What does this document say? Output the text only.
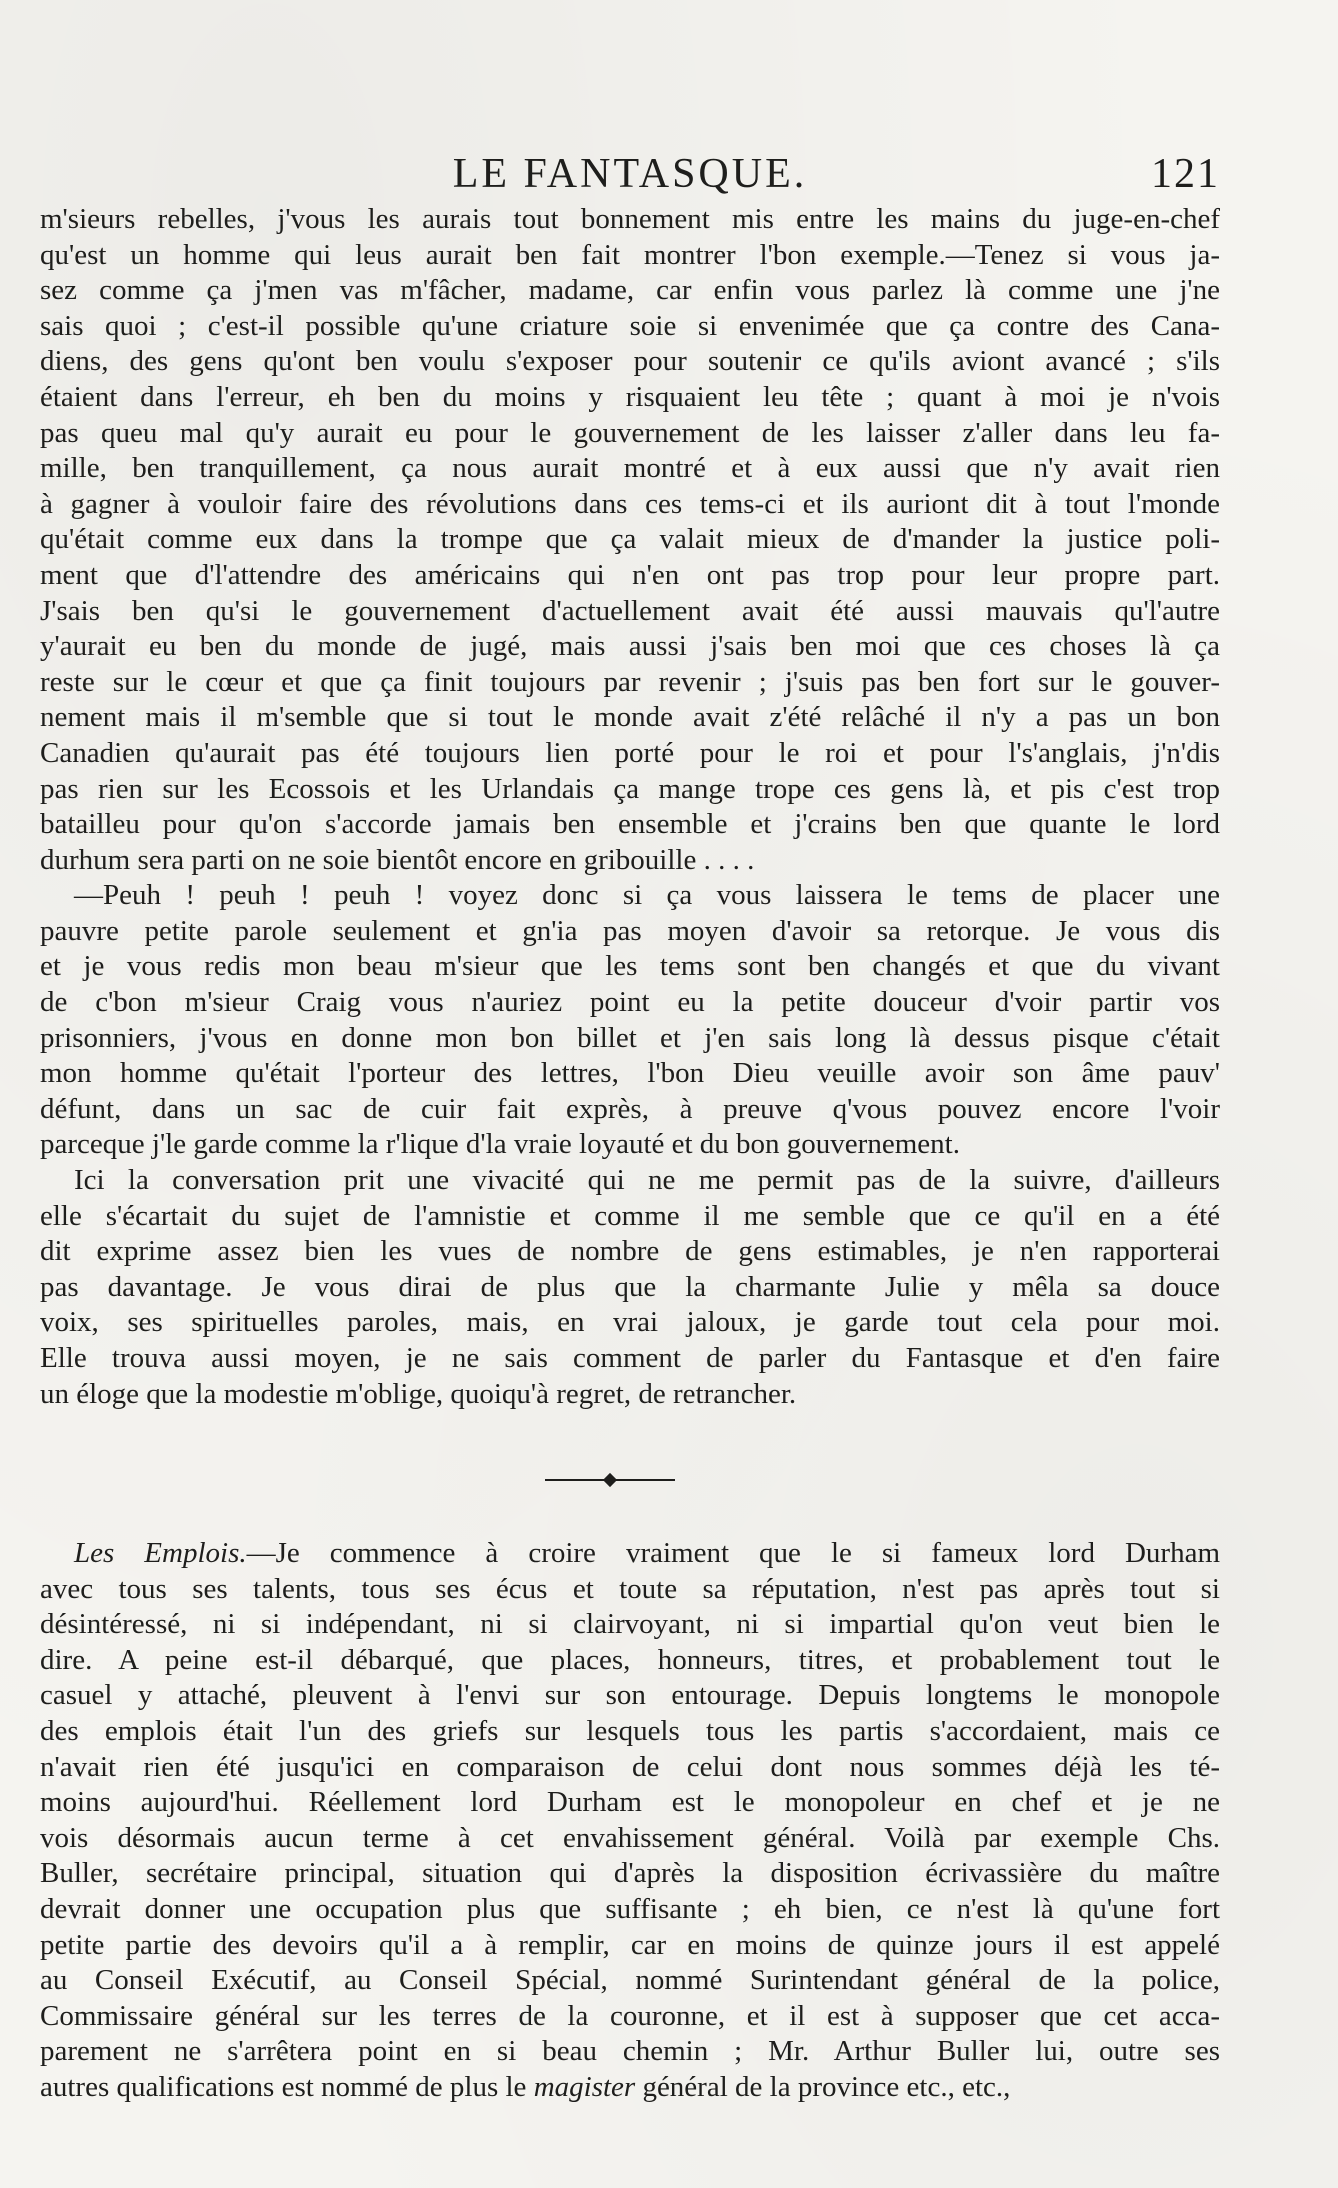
LE FANTASQUE.	121
m'sieurs rebelles, j'vous les aurais tout bonnement mis entre les mains du juge-en-chef
qu'est un homme qui leus aurait ben fait montrer l'bon exemple.—Tenez si vous ja-
sez comme ça j'men vas m'fâcher, madame, car enfin vous parlez là comme une j'ne
sais quoi ; c'est-il possible qu'une criature soie si envenimée que ça contre des Cana-
diens, des gens qu'ont ben voulu s'exposer pour soutenir ce qu'ils aviont avancé ; s'ils
étaient dans l'erreur, eh ben du moins y risquaient leu tête ; quant à moi je n'vois
pas queu mal qu'y aurait eu pour le gouvernement de les laisser z'aller dans leu fa-
mille, ben tranquillement, ça nous aurait montré et à eux aussi que n'y avait rien
à gagner à vouloir faire des révolutions dans ces tems-ci et ils auriont dit à tout l'monde
qu'était comme eux dans la trompe que ça valait mieux de d'mander la justice poli-
ment que d'l'attendre des américains qui n'en ont pas trop pour leur propre part.
J'sais ben qu'si le gouvernement d'actuellement avait été aussi mauvais qu'l'autre
y'aurait eu ben du monde de jugé, mais aussi j'sais ben moi que ces choses là ça
reste sur le cœur et que ça finit toujours par revenir ; j'suis pas ben fort sur le gouver-
nement mais il m'semble que si tout le monde avait z'été relâché il n'y a pas un bon
Canadien qu'aurait pas été toujours lien porté pour le roi et pour l's'anglais, j'n'dis
pas rien sur les Ecossois et les Urlandais ça mange trope ces gens là, et pis c'est trop
batailleu pour qu'on s'accorde jamais ben ensemble et j'crains ben que quante le lord
durhum sera parti on ne soie bientôt encore en gribouille . . . .
—Peuh ! peuh ! peuh ! voyez donc si ça vous laissera le tems de placer une
pauvre petite parole seulement et gn'ia pas moyen d'avoir sa retorque. Je vous dis
et je vous redis mon beau m'sieur que les tems sont ben changés et que du vivant
de c'bon m'sieur Craig vous n'auriez point eu la petite douceur d'voir partir vos
prisonniers, j'vous en donne mon bon billet et j'en sais long là dessus pisque c'était
mon homme qu'était l'porteur des lettres, l'bon Dieu veuille avoir son âme pauv'
défunt, dans un sac de cuir fait exprès, à preuve q'vous pouvez encore l'voir
parceque j'le garde comme la r'lique d'la vraie loyauté et du bon gouvernement.
Ici la conversation prit une vivacité qui ne me permit pas de la suivre, d'ailleurs
elle s'écartait du sujet de l'amnistie et comme il me semble que ce qu'il en a été
dit exprime assez bien les vues de nombre de gens estimables, je n'en rapporterai
pas davantage. Je vous dirai de plus que la charmante Julie y mêla sa douce
voix, ses spirituelles paroles, mais, en vrai jaloux, je garde tout cela pour moi.
Elle trouva aussi moyen, je ne sais comment de parler du Fantasque et d'en faire
un éloge que la modestie m'oblige, quoiqu'à regret, de retrancher.
Les Emplois.—Je commence à croire vraiment que le si fameux lord Durham
avec tous ses talents, tous ses écus et toute sa réputation, n'est pas après tout si
désintéressé, ni si indépendant, ni si clairvoyant, ni si impartial qu'on veut bien le
dire. A peine est-il débarqué, que places, honneurs, titres, et probablement tout le
casuel y attaché, pleuvent à l'envi sur son entourage. Depuis longtems le monopole
des emplois était l'un des griefs sur lesquels tous les partis s'accordaient, mais ce
n'avait rien été jusqu'ici en comparaison de celui dont nous sommes déjà les té-
moins aujourd'hui. Réellement lord Durham est le monopoleur en chef et je ne
vois désormais aucun terme à cet envahissement général. Voilà par exemple Chs.
Buller, secrétaire principal, situation qui d'après la disposition écrivassière du maître
devrait donner une occupation plus que suffisante ; eh bien, ce n'est là qu'une fort
petite partie des devoirs qu'il a à remplir, car en moins de quinze jours il est appelé
au Conseil Exécutif, au Conseil Spécial, nommé Surintendant général de la police,
Commissaire général sur les terres de la couronne, et il est à supposer que cet acca-
parement ne s'arrêtera point en si beau chemin ; Mr. Arthur Buller lui, outre ses
autres qualifications est nommé de plus le magister général de la province etc., etc.,
